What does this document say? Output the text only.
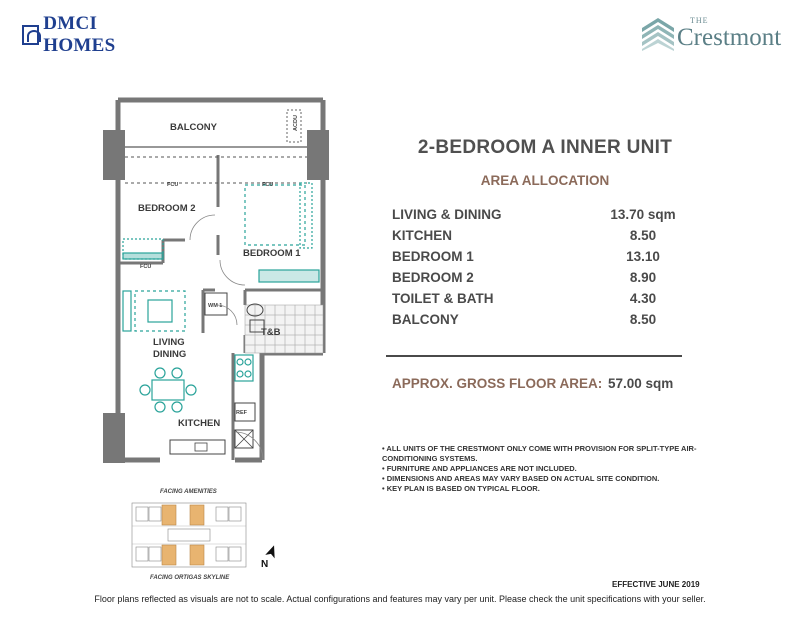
DMCI HOMES
THE
Crestmont
BALCONY
BEDROOM 2
BEDROOM 1
LIVING
DINING
T&B
KITCHEN
FCU	FCU
FCU
ACDU
WM 1
REF
2-BEDROOM A INNER UNIT
AREA ALLOCATION
LIVING & DINING	13.70 sqm
KITCHEN	8.50
BEDROOM 1	13.10
BEDROOM 2	8.90
TOILET & BATH	4.30
BALCONY	8.50
APPROX. GROSS FLOOR AREA: 57.00 sqm
• ALL UNITS OF THE CRESTMONT ONLY COME WITH PROVISION FOR SPLIT-TYPE AIR-CONDITIONING SYSTEMS.
• FURNITURE AND APPLIANCES ARE NOT INCLUDED.
• DIMENSIONS AND AREAS MAY VARY BASED ON ACTUAL SITE CONDITION.
• KEY PLAN IS BASED ON TYPICAL FLOOR.
FACING AMENITIES
FACING ORTIGAS SKYLINE
N
EFFECTIVE JUNE 2019
Floor plans reflected as visuals are not to scale. Actual configurations and features may vary per unit. Please check the unit specifications with your seller.
